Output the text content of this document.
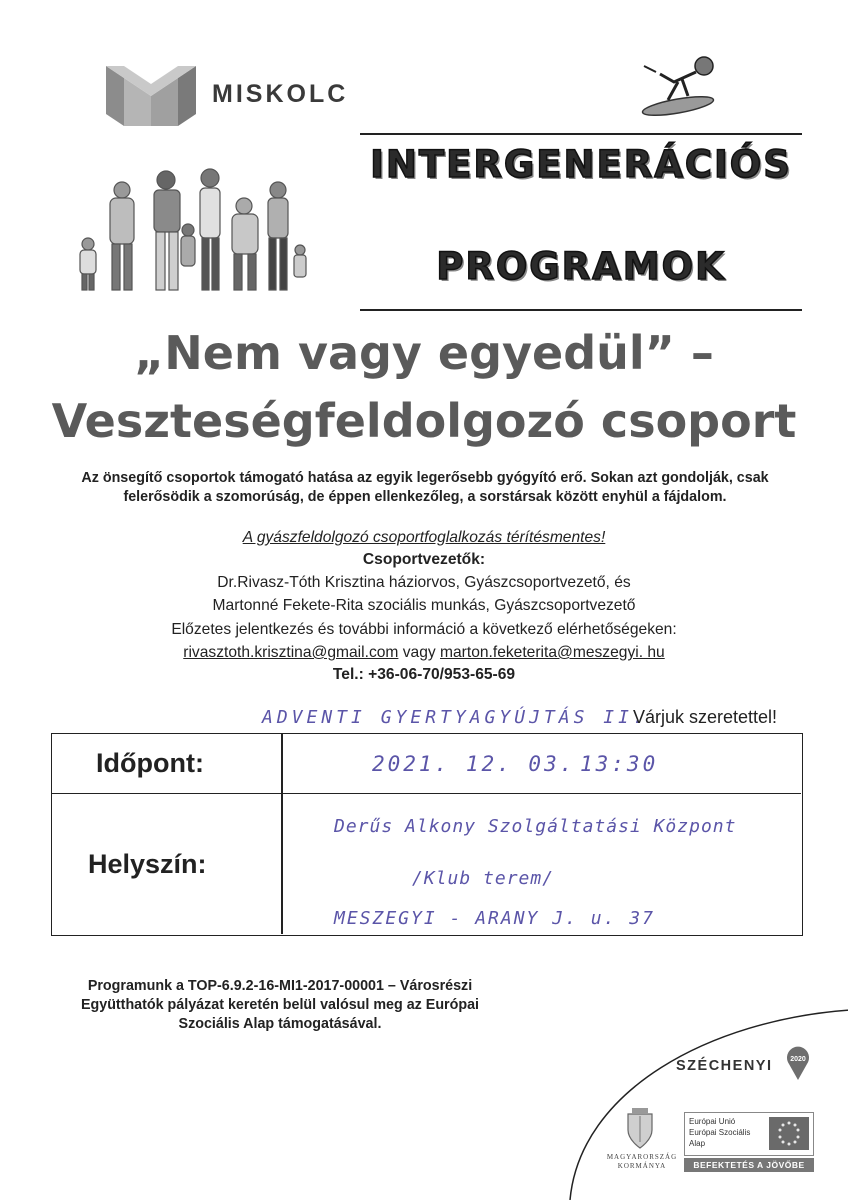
MISKOLC
INTERGENERÁCIÓS
PROGRAMOK
„Nem vagy egyedül” –
Veszteségfeldolgozó csoport
Az önsegítő csoportok támogató hatása az egyik legerősebb gyógyító erő. Sokan azt gondolják, csak felerősödik a szomorúság, de éppen ellenkezőleg, a sorstársak között enyhül a fájdalom.
A gyászfeldolgozó csoportfoglalkozás térítésmentes!
Csoportvezetők:
Dr.Rivasz-Tóth Krisztina háziorvos, Gyászcsoportvezető, és
Martonné Fekete-Rita szociális munkás, Gyászcsoportvezető
Előzetes jelentkezés és további információ a következő elérhetőségeken:
rivasztoth.krisztina@gmail.com vagy marton.feketerita@meszegyi. hu
Tel.: +36-06-70/953-65-69
ADVENTI GYERTYAGYÚJTÁS II.
Várjuk szeretettel!
Időpont:	2021. 12. 03. 13:30
Helyszín:
Derűs Alkony Szolgáltatási Központ
/Klub terem/
MESZEGYI - ARANY J. u. 37
Programunk a TOP-6.9.2-16-MI1-2017-00001 – Városrészi Együtthatók pályázat keretén belül valósul meg az Európai Szociális Alap támogatásával.
SZÉCHENYI	2020
MAGYARORSZÁG
KORMÁNYA
Európai Unió
Európai Szociális
Alap
BEFEKTETÉS A JÖVŐBE
